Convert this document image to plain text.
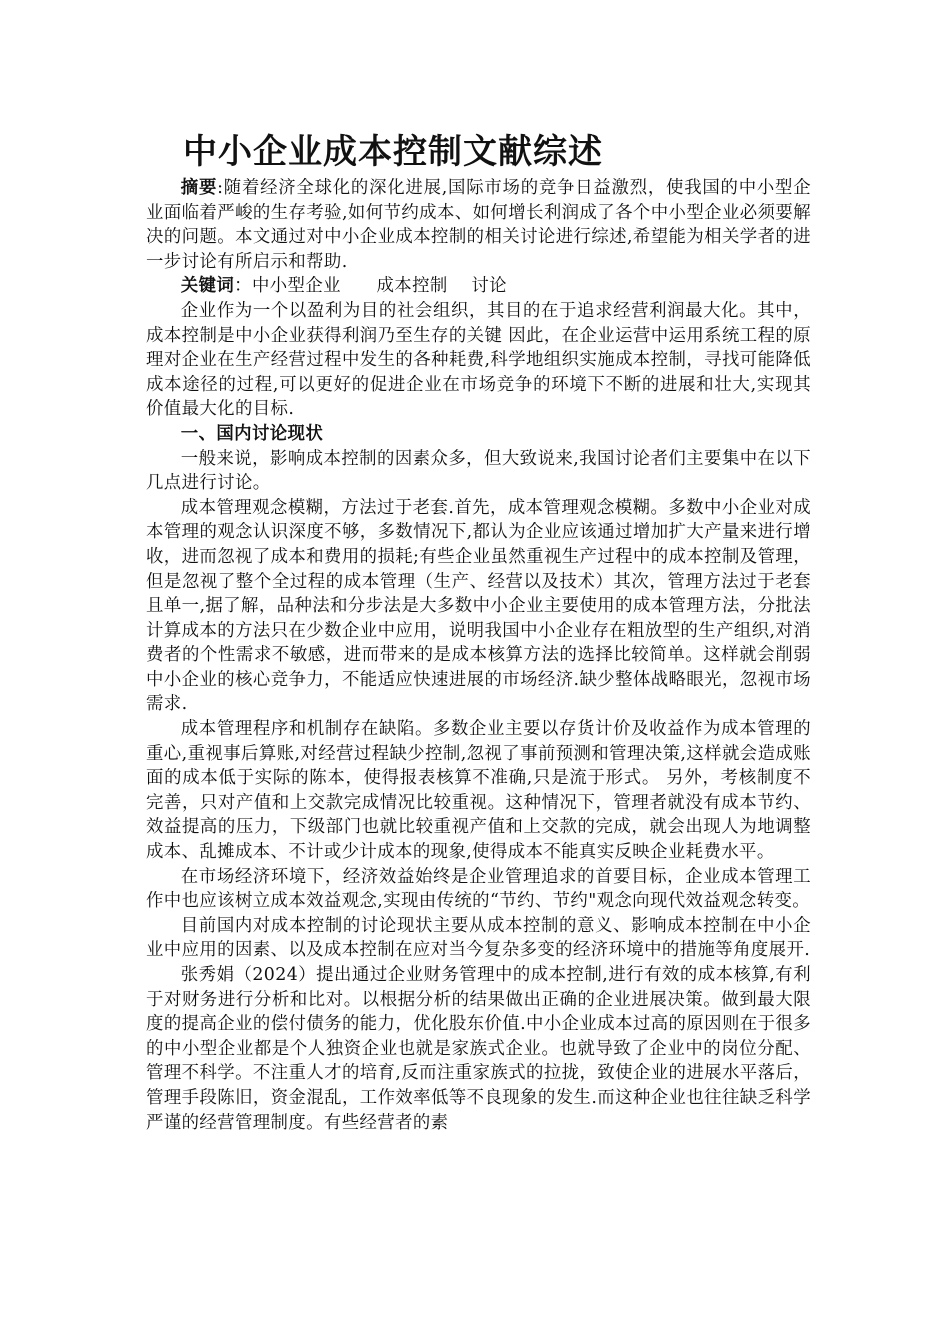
中小企业成本控制文献综述

摘要:随着经济全球化的深化进展,国际市场的竞争日益激烈，使我国的中小型企业面临着严峻的生存考验,如何节约成本、如何增长利润成了各个中小型企业必须要解决的问题。本文通过对中小企业成本控制的相关讨论进行综述,希望能为相关学者的进一步讨论有所启示和帮助.

关键词：中小型企业　　成本控制　 讨论

企业作为一个以盈利为目的社会组织，其目的在于追求经营利润最大化。其中，成本控制是中小企业获得利润乃至生存的关键 因此，在企业运营中运用系统工程的原理对企业在生产经营过程中发生的各种耗费,科学地组织实施成本控制，寻找可能降低成本途径的过程,可以更好的促进企业在市场竞争的环境下不断的进展和壮大,实现其价值最大化的目标.

一、国内讨论现状

一般来说，影响成本控制的因素众多，但大致说来,我国讨论者们主要集中在以下几点进行讨论。

成本管理观念模糊，方法过于老套.首先，成本管理观念模糊。多数中小企业对成本管理的观念认识深度不够，多数情况下,都认为企业应该通过增加扩大产量来进行增收，进而忽视了成本和费用的损耗;有些企业虽然重视生产过程中的成本控制及管理，但是忽视了整个全过程的成本管理（生产、经营以及技术）其次，管理方法过于老套且单一,据了解，品种法和分步法是大多数中小企业主要使用的成本管理方法，分批法计算成本的方法只在少数企业中应用，说明我国中小企业存在粗放型的生产组织,对消费者的个性需求不敏感，进而带来的是成本核算方法的选择比较简单。这样就会削弱中小企业的核心竞争力，不能适应快速进展的市场经济.缺少整体战略眼光，忽视市场需求.

成本管理程序和机制存在缺陷。多数企业主要以存货计价及收益作为成本管理的重心,重视事后算账,对经营过程缺少控制,忽视了事前预测和管理决策,这样就会造成账面的成本低于实际的陈本，使得报表核算不准确,只是流于形式。 另外，考核制度不完善，只对产值和上交款完成情况比较重视。这种情况下，管理者就没有成本节约、效益提高的压力，下级部门也就比较重视产值和上交款的完成，就会出现人为地调整成本、乱摊成本、不计或少计成本的现象,使得成本不能真实反映企业耗费水平。

在市场经济环境下，经济效益始终是企业管理追求的首要目标，企业成本管理工作中也应该树立成本效益观念,实现由传统的“节约、节约"观念向现代效益观念转变。

目前国内对成本控制的讨论现状主要从成本控制的意义、影响成本控制在中小企业中应用的因素、以及成本控制在应对当今复杂多变的经济环境中的措施等角度展开.

张秀娟（2024）提出通过企业财务管理中的成本控制,进行有效的成本核算,有利于对财务进行分析和比对。以根据分析的结果做出正确的企业进展决策。做到最大限度的提高企业的偿付债务的能力，优化股东价值.中小企业成本过高的原因则在于很多的中小型企业都是个人独资企业也就是家族式企业。也就导致了企业中的岗位分配、管理不科学。不注重人才的培育,反而注重家族式的拉拢，致使企业的进展水平落后，管理手段陈旧，资金混乱，工作效率低等不良现象的发生.而这种企业也往往缺乏科学严谨的经营管理制度。有些经营者的素
